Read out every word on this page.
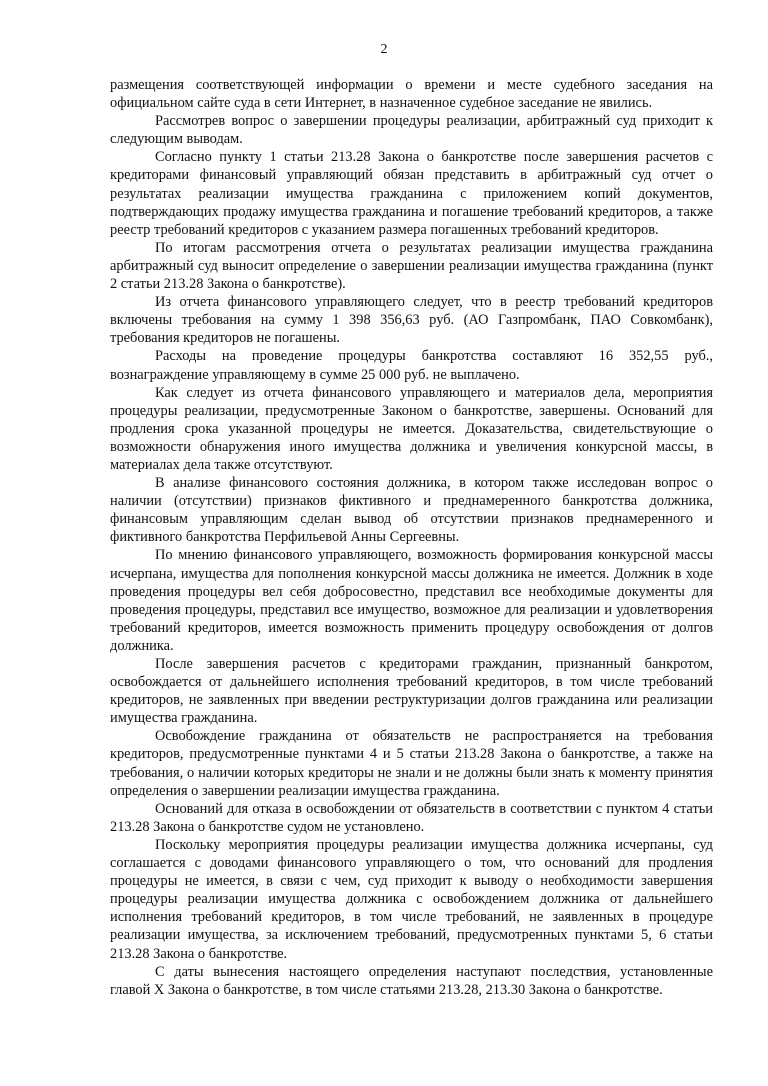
2

размещения соответствующей информации о времени и месте судебного заседания на официальном сайте суда в сети Интернет, в назначенное судебное заседание не явились.

Рассмотрев вопрос о завершении процедуры реализации, арбитражный суд приходит к следующим выводам.

Согласно пункту 1 статьи 213.28 Закона о банкротстве после завершения расчетов с кредиторами финансовый управляющий обязан представить в арбитражный суд отчет о результатах реализации имущества гражданина с приложением копий документов, подтверждающих продажу имущества гражданина и погашение требований кредиторов, а также реестр требований кредиторов с указанием размера погашенных требований кредиторов.

По итогам рассмотрения отчета о результатах реализации имущества гражданина арбитражный суд выносит определение о завершении реализации имущества гражданина (пункт 2 статьи 213.28 Закона о банкротстве).

Из отчета финансового управляющего следует, что в реестр требований кредиторов включены требования на сумму 1 398 356,63 руб. (АО Газпромбанк, ПАО Совкомбанк), требования кредиторов не погашены.

Расходы на проведение процедуры банкротства составляют 16 352,55 руб., вознаграждение управляющему в сумме 25 000 руб. не выплачено.

Как следует из отчета финансового управляющего и материалов дела, мероприятия процедуры реализации, предусмотренные Законом о банкротстве, завершены. Оснований для продления срока указанной процедуры не имеется. Доказательства, свидетельствующие о возможности обнаружения иного имущества должника и увеличения конкурсной массы, в материалах дела также отсутствуют.

В анализе финансового состояния должника, в котором также исследован вопрос о наличии (отсутствии) признаков фиктивного и преднамеренного банкротства должника, финансовым управляющим сделан вывод об отсутствии признаков преднамеренного и фиктивного банкротства Перфильевой Анны Сергеевны.

По мнению финансового управляющего, возможность формирования конкурсной массы исчерпана, имущества для пополнения конкурсной массы должника не имеется. Должник в ходе проведения процедуры вел себя добросовестно, представил все необходимые документы для проведения процедуры, представил все имущество, возможное для реализации и удовлетворения требований кредиторов, имеется возможность применить процедуру освобождения от долгов должника.

После завершения расчетов с кредиторами гражданин, признанный банкротом, освобождается от дальнейшего исполнения требований кредиторов, в том числе требований кредиторов, не заявленных при введении реструктуризации долгов гражданина или реализации имущества гражданина.

Освобождение гражданина от обязательств не распространяется на требования кредиторов, предусмотренные пунктами 4 и 5 статьи 213.28 Закона о банкротстве, а также на требования, о наличии которых кредиторы не знали и не должны были знать к моменту принятия определения о завершении реализации имущества гражданина.

Оснований для отказа в освобождении от обязательств в соответствии с пунктом 4 статьи 213.28 Закона о банкротстве судом не установлено.

Поскольку мероприятия процедуры реализации имущества должника исчерпаны, суд соглашается с доводами финансового управляющего о том, что оснований для продления процедуры не имеется, в связи с чем, суд приходит к выводу о необходимости завершения процедуры реализации имущества должника с освобождением должника от дальнейшего исполнения требований кредиторов, в том числе требований, не заявленных в процедуре реализации имущества, за исключением требований, предусмотренных пунктами 5, 6 статьи 213.28 Закона о банкротстве.

С даты вынесения настоящего определения наступают последствия, установленные главой X Закона о банкротстве, в том числе статьями 213.28, 213.30 Закона о банкротстве.
